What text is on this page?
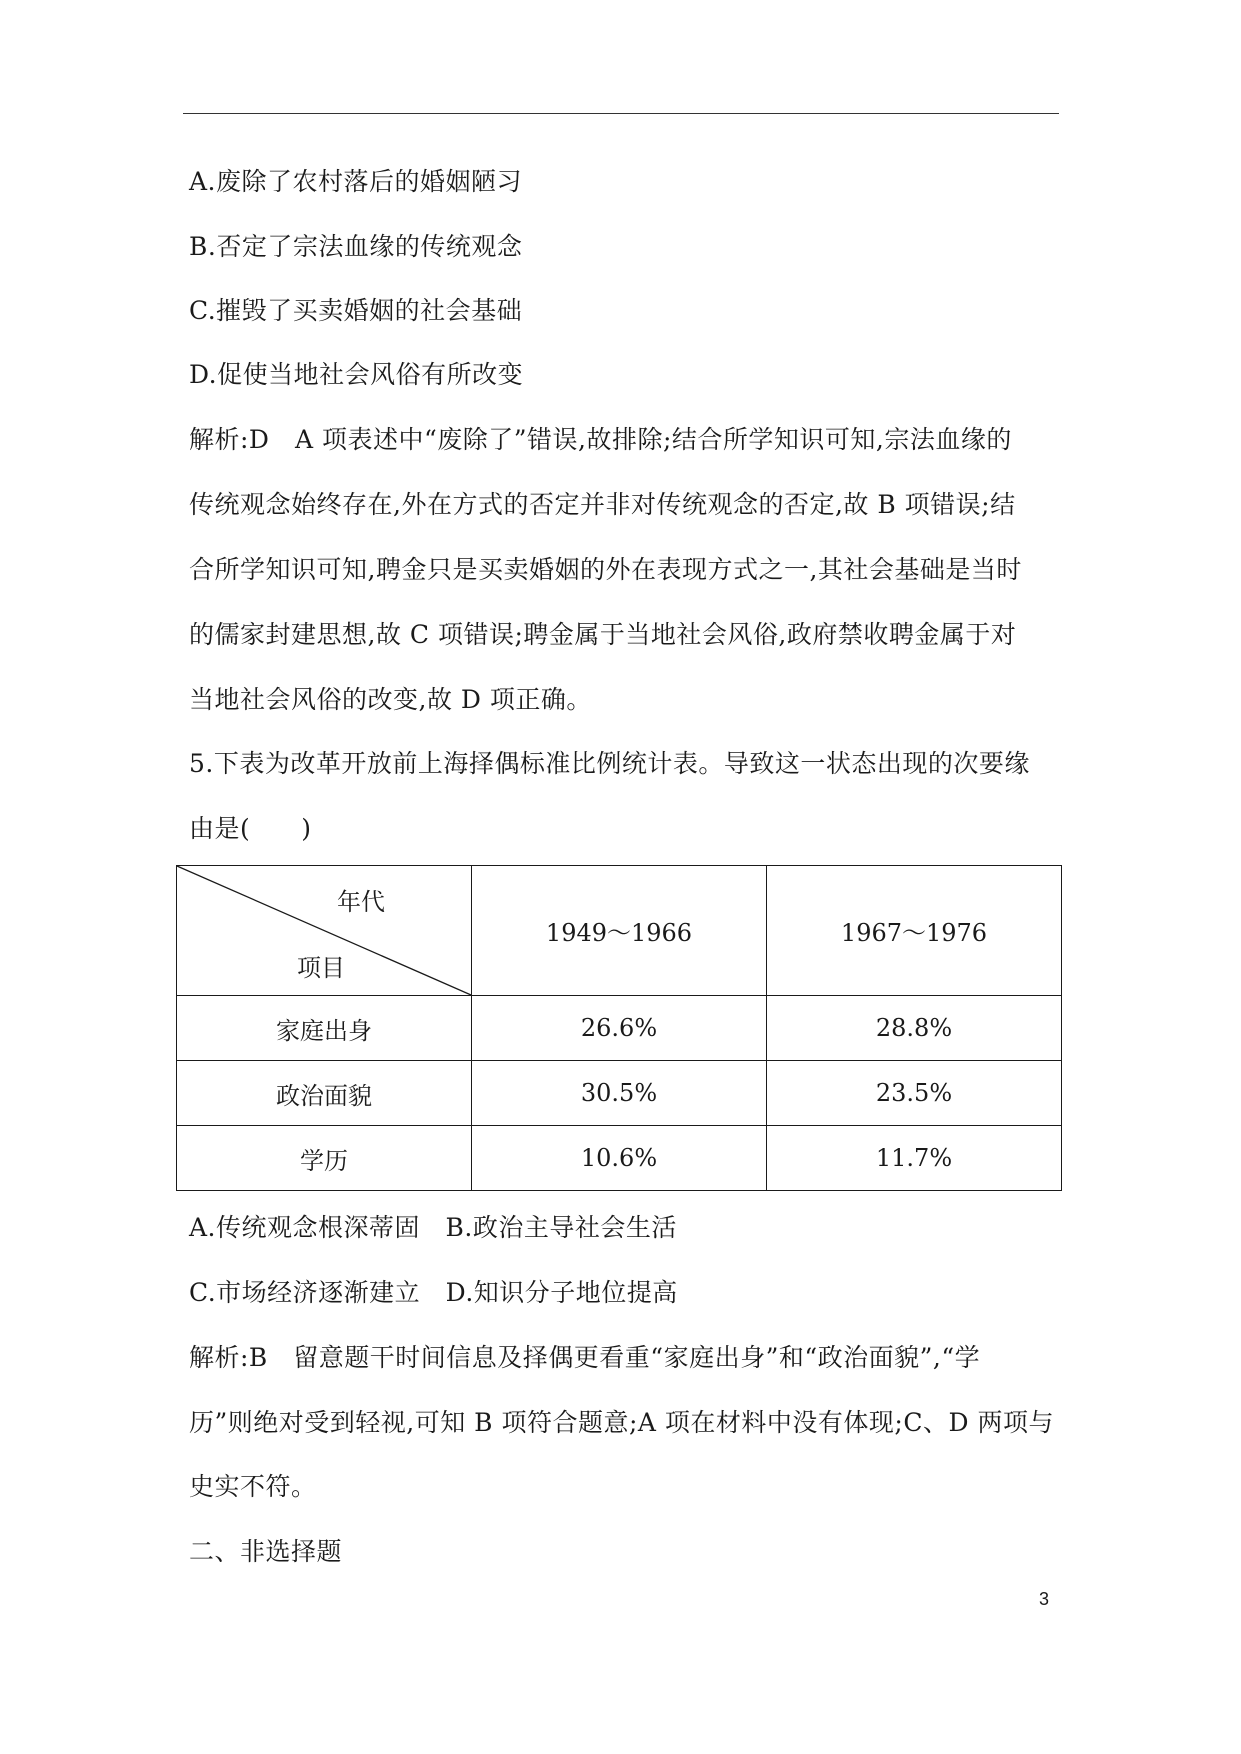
A.废除了农村落后的婚姻陋习
B.否定了宗法血缘的传统观念
C.摧毁了买卖婚姻的社会基础
D.促使当地社会风俗有所改变
解析:D　A 项表述中“废除了”错误,故排除;结合所学知识可知,宗法血缘的
传统观念始终存在,外在方式的否定并非对传统观念的否定,故 B 项错误;结
合所学知识可知,聘金只是买卖婚姻的外在表现方式之一,其社会基础是当时
的儒家封建思想,故 C 项错误;聘金属于当地社会风俗,政府禁收聘金属于对
当地社会风俗的改变,故 D 项正确。
5.下表为改革开放前上海择偶标准比例统计表。导致这一状态出现的次要缘
由是(　　)
年代
项目	1949～1966	1967～1976
家庭出身	26.6%	28.8%
政治面貌	30.5%	23.5%
学历	10.6%	11.7%
A.传统观念根深蒂固　B.政治主导社会生活
C.市场经济逐渐建立　D.知识分子地位提高
解析:B　留意题干时间信息及择偶更看重“家庭出身”和“政治面貌”,“学
历”则绝对受到轻视,可知 B 项符合题意;A 项在材料中没有体现;C、D 两项与
史实不符。
二、非选择题
3
